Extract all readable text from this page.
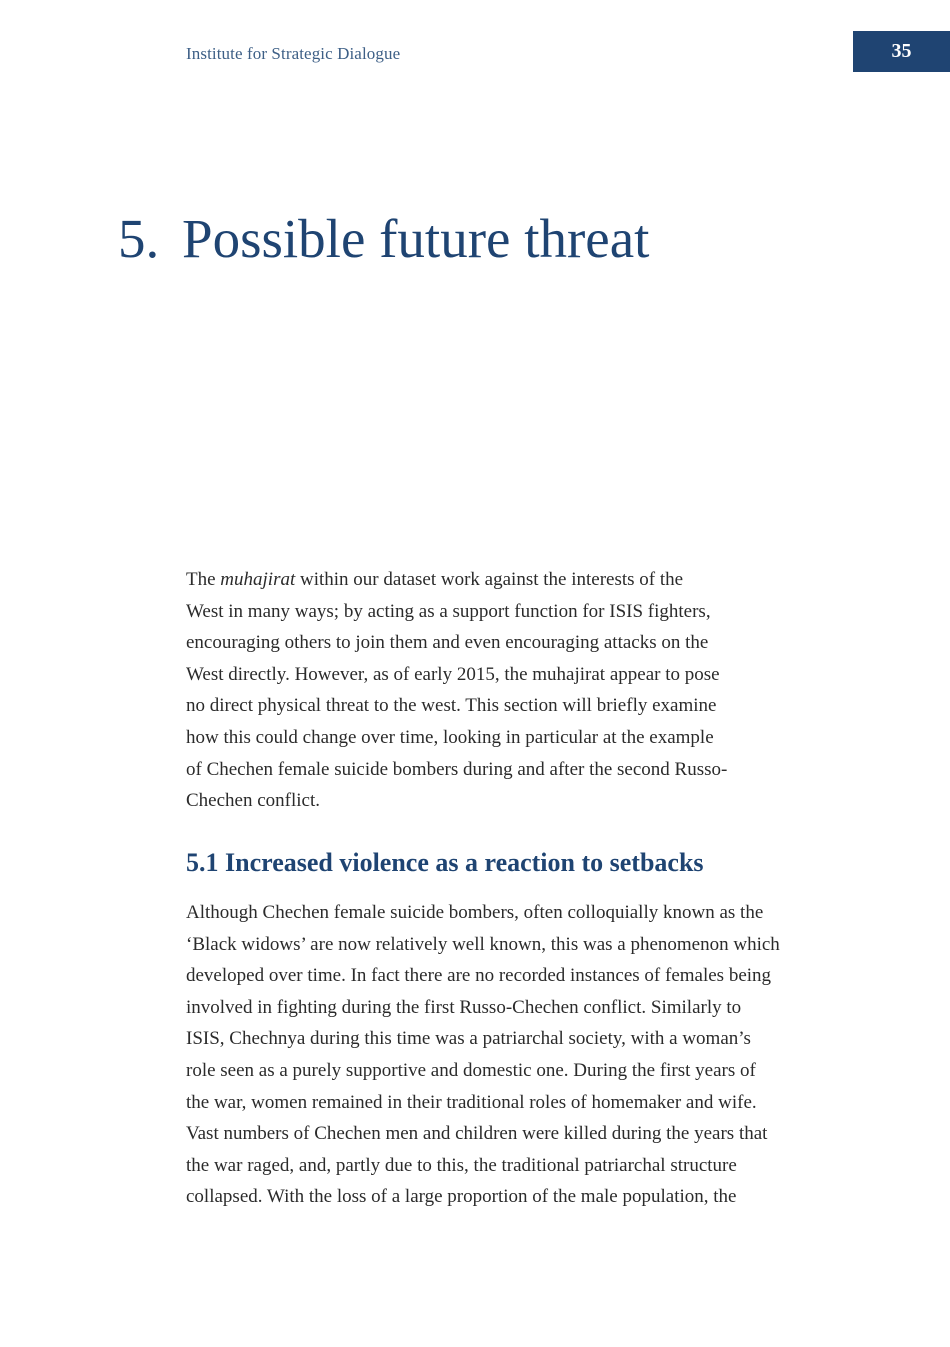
Institute for Strategic Dialogue	35
5. Possible future threat

The muhajirat within our dataset work against the interests of the
West in many ways; by acting as a support function for ISIS fighters,
encouraging others to join them and even encouraging attacks on the
West directly. However, as of early 2015, the muhajirat appear to pose
no direct physical threat to the west. This section will briefly examine
how this could change over time, looking in particular at the example
of Chechen female suicide bombers during and after the second Russo-
Chechen conflict.

5.1 Increased violence as a reaction to setbacks

Although Chechen female suicide bombers, often colloquially known as the
‘Black widows’ are now relatively well known, this was a phenomenon which
developed over time. In fact there are no recorded instances of females being
involved in fighting during the first Russo-Chechen conflict. Similarly to
ISIS, Chechnya during this time was a patriarchal society, with a woman’s
role seen as a purely supportive and domestic one. During the first years of
the war, women remained in their traditional roles of homemaker and wife.
Vast numbers of Chechen men and children were killed during the years that
the war raged, and, partly due to this, the traditional patriarchal structure
collapsed. With the loss of a large proportion of the male population, the
